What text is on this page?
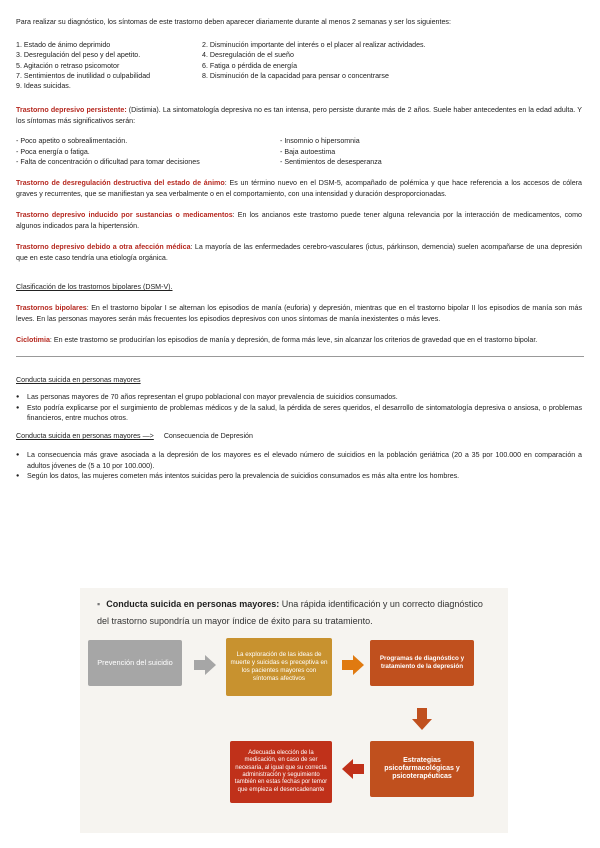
Para realizar su diagnóstico, los síntomas de este trastorno deben aparecer diariamente durante al menos 2 semanas y ser los siguientes:

1. Estado de ánimo deprimido	2. Disminución importante del interés o el placer al realizar actividades.
3. Desregulación del peso y del apetito.	4. Desregulación de el sueño
5. Agitación o retraso psicomotor	6. Fatiga o pérdida de energía
7. Sentimientos de inutilidad o culpabilidad	8. Disminución de la capacidad para pensar o concentrarse
9. Ideas suicidas.

Trastorno depresivo persistente: (Distimia). La sintomatología depresiva no es tan intensa, pero persiste durante más de 2 años. Suele haber antecedentes en la edad adulta. Y los síntomas más significativos serán:

- Poco apetito o sobrealimentación.	- Insomnio o hipersomnia
- Poca energía o fatiga.	- Baja autoestima
- Falta de concentración o dificultad para tomar decisiones	- Sentimientos de desesperanza

Trastorno de desregulación destructiva del estado de ánimo: Es un término nuevo en el DSM-5, acompañado de polémica y que hace referencia a los accesos de cólera graves y recurrentes, que se manifiestan ya sea verbalmente o en el comportamiento, con una intensidad y duración desproporcionadas.

Trastorno depresivo inducido por sustancias o medicamentos: En los ancianos este trastorno puede tener alguna relevancia por la interacción de medicamentos, como algunos indicados para la hipertensión.

Trastorno depresivo debido a otra afección médica: La mayoría de las enfermedades cerebro-vasculares (ictus, párkinson, demencia) suelen acompañarse de una depresión que en este caso tendría una etiología orgánica.

Clasificación de los trastornos bipolares (DSM-V).

Trastornos bipolares: En el trastorno bipolar I se alternan los episodios de manía (euforia) y depresión, mientras que en el trastorno bipolar II los episodios de manía son más leves. En las personas mayores serán más frecuentes los episodios depresivos con unos síntomas de manía inexistentes o más leves.

Ciclotimia: En este trastorno se producirían los episodios de manía y depresión, de forma más leve, sin alcanzar los criterios de gravedad que en el trastorno bipolar.

Conducta suicida en personas mayores

● Las personas mayores de 70 años representan el grupo poblacional con mayor prevalencia de suicidios consumados.
● Esto podría explicarse por el surgimiento de problemas médicos y de la salud, la pérdida de seres queridos, el desarrollo de sintomatología depresiva o ansiosa, o problemas financieros, entre muchos otros.
Conducta suicida en personas mayores —> Consecuencia de Depresión
● La consecuencia más grave asociada a la depresión de los mayores es el elevado número de suicidios en la población geriátrica (20 a 35 por 100.000 en comparación a adultos jóvenes de (5 a 10 por 100.000).
● Según los datos, las mujeres cometen más intentos suicidas pero la prevalencia de suicidios consumados es más alta entre los hombres.

▪ Conducta suicida en personas mayores: Una rápida identificación y un correcto diagnóstico del trastorno supondría un mayor índice de éxito para su tratamiento.

Prevención del suicidio
La exploración de las ideas de muerte y suicidas es preceptiva en los pacientes mayores con síntomas afectivos
Programas de diagnóstico y tratamiento de la depresión
Estrategias psicofarmacológicas y psicoterapéuticas
Adecuada elección de la medicación, en caso de ser necesaria, al igual que su correcta administración y seguimiento también en estas fechas por temor que empieza el desencadenante
